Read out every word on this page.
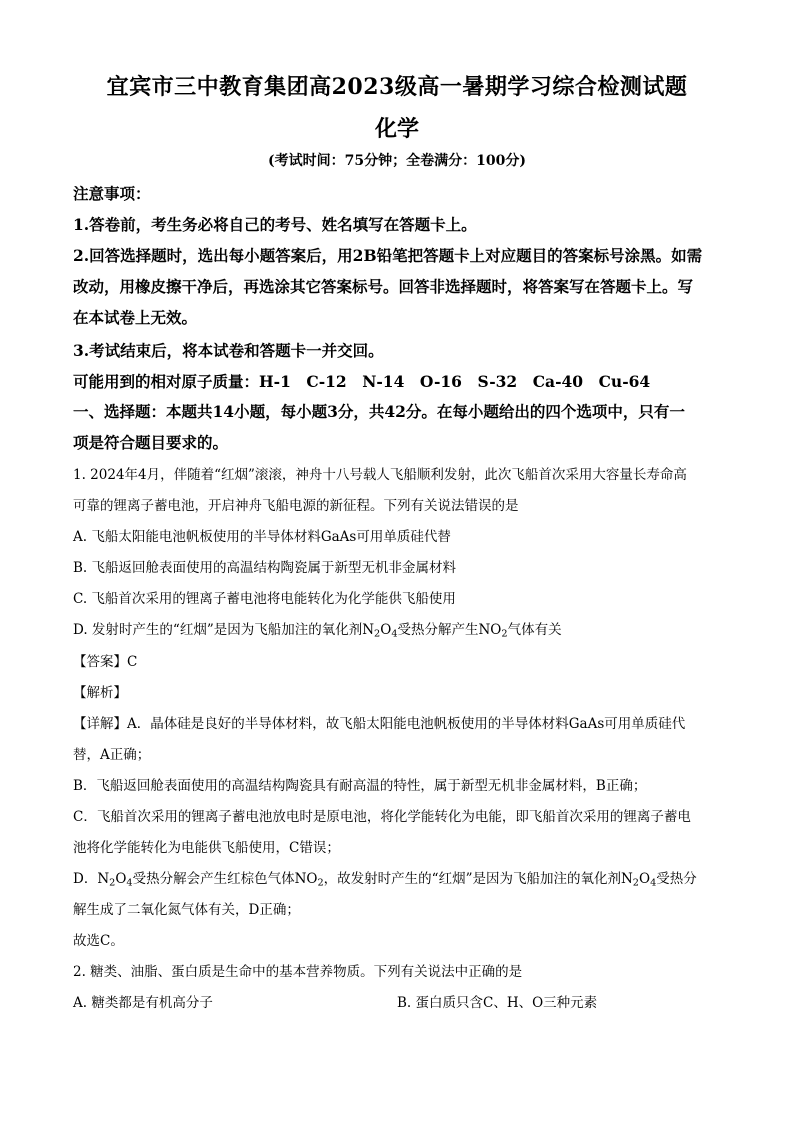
宜宾市三中教育集团高2023级高一暑期学习综合检测试题
化学
(考试时间：75分钟；全卷满分：100分)
注意事项：
1.答卷前，考生务必将自己的考号、姓名填写在答题卡上。
2.回答选择题时，选出每小题答案后，用2B铅笔把答题卡上对应题目的答案标号涂黑。如需
改动，用橡皮擦干净后，再选涂其它答案标号。回答非选择题时，将答案写在答题卡上。写
在本试卷上无效。
3.考试结束后，将本试卷和答题卡一并交回。
可能用到的相对原子质量：H-1　C-12　N-14　O-16　S-32　Ca-40　Cu-64
一、选择题：本题共14小题，每小题3分，共42分。在每小题给出的四个选项中，只有一
项是符合题目要求的。
1. 2024年4月，伴随着“红烟”滚滚，神舟十八号载人飞船顺利发射，此次飞船首次采用大容量长寿命高
可靠的锂离子蓄电池，开启神舟飞船电源的新征程。下列有关说法错误的是
A. 飞船太阳能电池帆板使用的半导体材料GaAs可用单质硅代替
B. 飞船返回舱表面使用的高温结构陶瓷属于新型无机非金属材料
C. 飞船首次采用的锂离子蓄电池将电能转化为化学能供飞船使用
D. 发射时产生的“红烟”是因为飞船加注的氧化剂$N_2O_4$受热分解产生$NO_2$气体有关
【答案】C
【解析】
【详解】A．晶体硅是良好的半导体材料，故飞船太阳能电池帆板使用的半导体材料GaAs可用单质硅代
替，A正确；
B．飞船返回舱表面使用的高温结构陶瓷具有耐高温的特性，属于新型无机非金属材料，B正确；
C．飞船首次采用的锂离子蓄电池放电时是原电池，将化学能转化为电能，即飞船首次采用的锂离子蓄电
池将化学能转化为电能供飞船使用，C错误；
D．$N_2O_4$受热分解会产生红棕色气体$NO_2$，故发射时产生的“红烟”是因为飞船加注的氧化剂$N_2O_4$受热分
解生成了二氧化氮气体有关，D正确；
故选C。
2. 糖类、油脂、蛋白质是生命中的基本营养物质。下列有关说法中正确的是
A. 糖类都是有机高分子	B. 蛋白质只含C、H、O三种元素
